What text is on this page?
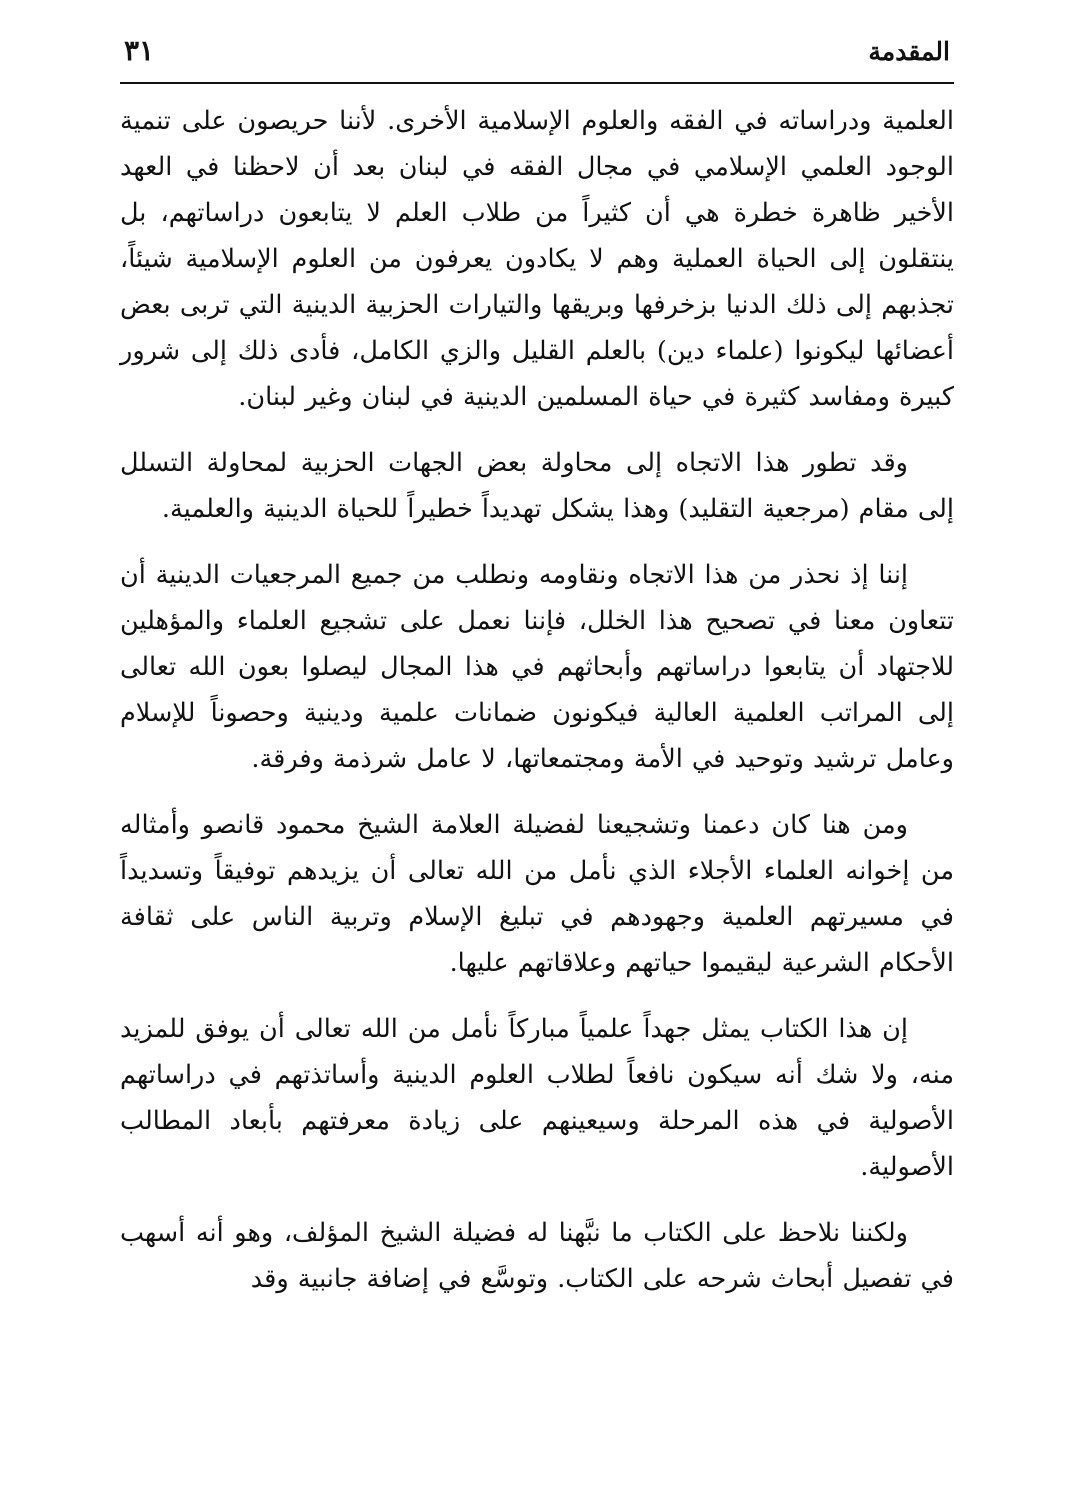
المقدمة
٣١

العلمية ودراساته في الفقه والعلوم الإسلامية الأخرى. لأننا حريصون على تنمية الوجود العلمي الإسلامي في مجال الفقه في لبنان بعد أن لاحظنا في العهد الأخير ظاهرة خطرة هي أن كثيراً من طلاب العلم لا يتابعون دراساتهم، بل ينتقلون إلى الحياة العملية وهم لا يكادون يعرفون من العلوم الإسلامية شيئاً، تجذبهم إلى ذلك الدنيا بزخرفها وبريقها والتيارات الحزبية الدينية التي تربى بعض أعضائها ليكونوا (علماء دين) بالعلم القليل والزي الكامل، فأدى ذلك إلى شرور كبيرة ومفاسد كثيرة في حياة المسلمين الدينية في لبنان وغير لبنان.

وقد تطور هذا الاتجاه إلى محاولة بعض الجهات الحزبية لمحاولة التسلل إلى مقام (مرجعية التقليد) وهذا يشكل تهديداً خطيراً للحياة الدينية والعلمية.

إننا إذ نحذر من هذا الاتجاه ونقاومه ونطلب من جميع المرجعيات الدينية أن تتعاون معنا في تصحيح هذا الخلل، فإننا نعمل على تشجيع العلماء والمؤهلين للاجتهاد أن يتابعوا دراساتهم وأبحاثهم في هذا المجال ليصلوا بعون الله تعالى إلى المراتب العلمية العالية فيكونون ضمانات علمية ودينية وحصوناً للإسلام وعامل ترشيد وتوحيد في الأمة ومجتمعاتها، لا عامل شرذمة وفرقة.

ومن هنا كان دعمنا وتشجيعنا لفضيلة العلامة الشيخ محمود قانصو وأمثاله من إخوانه العلماء الأجلاء الذي نأمل من الله تعالى أن يزيدهم توفيقاً وتسديداً في مسيرتهم العلمية وجهودهم في تبليغ الإسلام وتربية الناس على ثقافة الأحكام الشرعية ليقيموا حياتهم وعلاقاتهم عليها.

إن هذا الكتاب يمثل جهداً علمياً مباركاً نأمل من الله تعالى أن يوفق للمزيد منه، ولا شك أنه سيكون نافعاً لطلاب العلوم الدينية وأساتذتهم في دراساتهم الأصولية في هذه المرحلة وسيعينهم على زيادة معرفتهم بأبعاد المطالب الأصولية.

ولكننا نلاحظ على الكتاب ما نبَّهنا له فضيلة الشيخ المؤلف، وهو أنه أسهب في تفصيل أبحاث شرحه على الكتاب. وتوسَّع في إضافة جانبية وقد
